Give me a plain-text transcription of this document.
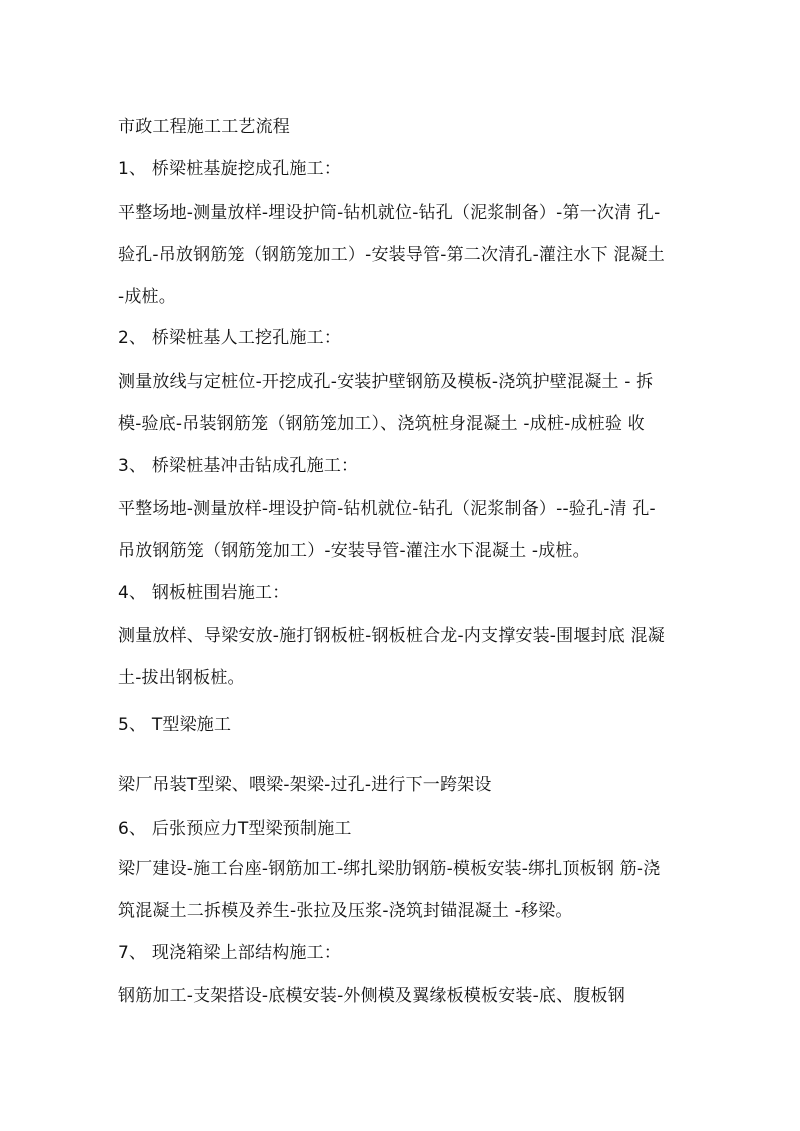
市政工程施工工艺流程
1、 桥梁桩基旋挖成孔施工：
平整场地-测量放样-埋设护筒-钻机就位-钻孔（泥浆制备）-第一次清 孔-
验孔-吊放钢筋笼（钢筋笼加工）-安装导管-第二次清孔-灌注水下 混凝土
-成桩。
2、 桥梁桩基人工挖孔施工：
测量放线与定桩位-开挖成孔-安装护壁钢筋及模板-浇筑护壁混凝土 - 拆
模-验底-吊装钢筋笼（钢筋笼加工）、浇筑桩身混凝土 -成桩-成桩验 收
3、 桥梁桩基冲击钻成孔施工：
平整场地-测量放样-埋设护筒-钻机就位-钻孔（泥浆制备）--验孔-清 孔-
吊放钢筋笼（钢筋笼加工）-安装导管-灌注水下混凝土 -成桩。
4、 钢板桩围岩施工：
测量放样、导梁安放-施打钢板桩-钢板桩合龙-内支撑安装-围堰封底 混凝
土-拔出钢板桩。
5、 T型梁施工
梁厂吊装T型梁、喂梁-架梁-过孔-进行下一跨架设
6、 后张预应力T型梁预制施工
梁厂建设-施工台座-钢筋加工-绑扎梁肋钢筋-模板安装-绑扎顶板钢 筋-浇
筑混凝土二拆模及养生-张拉及压浆-浇筑封锚混凝土 -移梁。
7、 现浇箱梁上部结构施工：
钢筋加工-支架搭设-底模安装-外侧模及翼缘板模板安装-底、腹板钢
